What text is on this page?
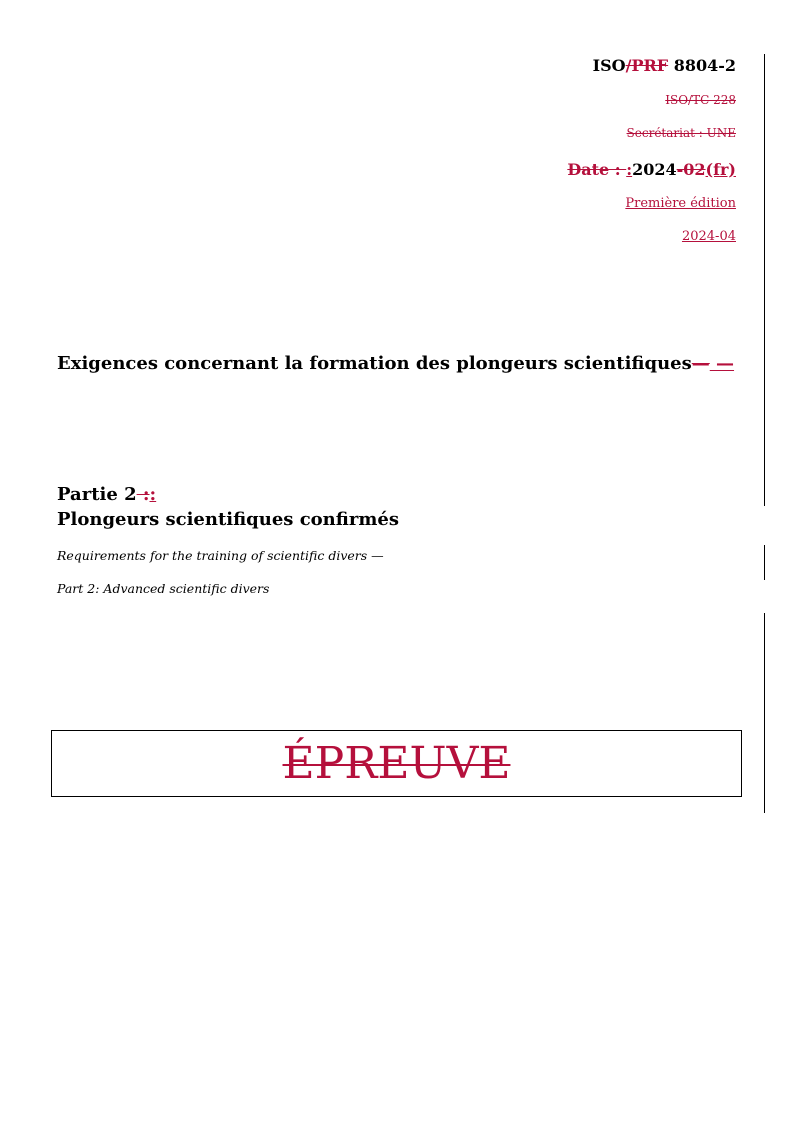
ISO/PRF 8804-2
ISO/TC 228
Secrétariat : UNE
Date : :2024-02(fr)
Première édition
2024-04
Exigences concernant la formation des plongeurs scientifiques— —
Partie 2 ::
Plongeurs scientifiques confirmés
Requirements for the training of scientific divers —
Part 2: Advanced scientific divers
ÉPREUVE
